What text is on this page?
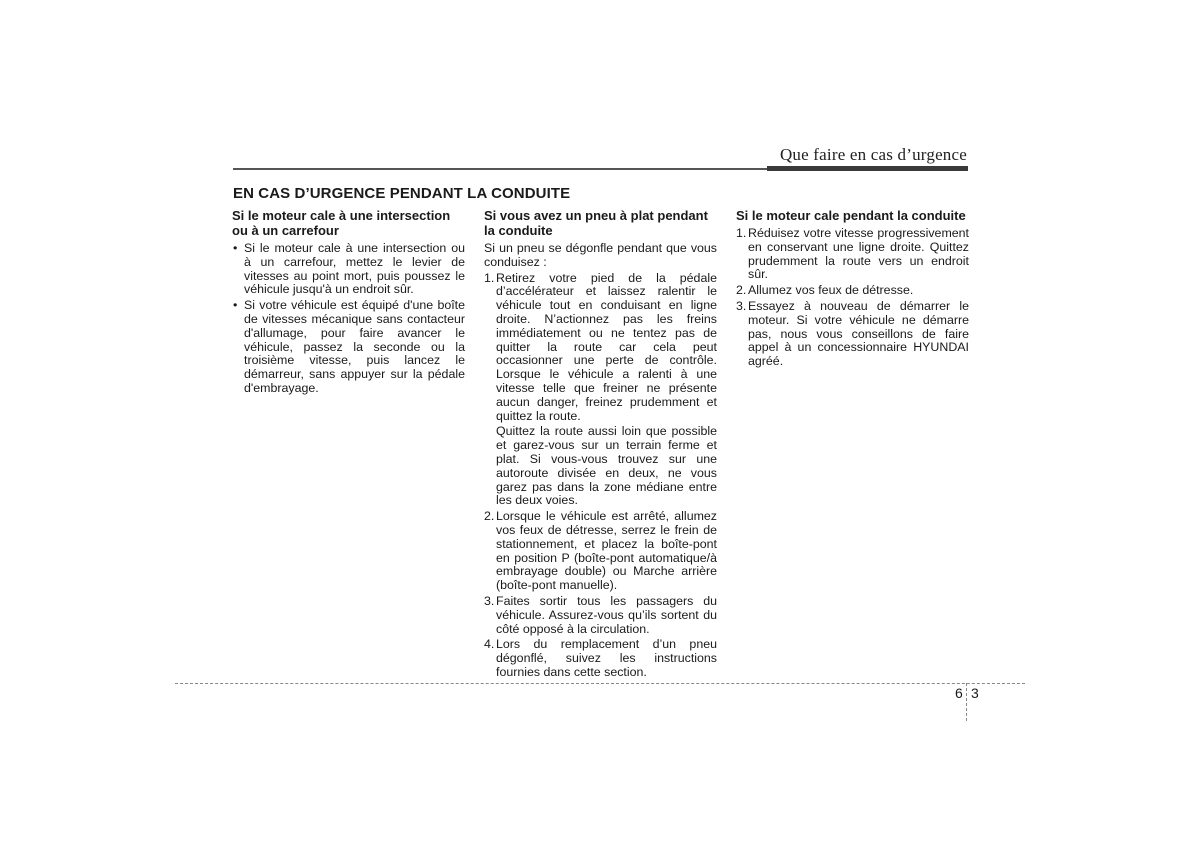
Que faire en cas d’urgence
EN CAS D’URGENCE PENDANT LA CONDUITE
Si le moteur cale à une intersection ou à un carrefour
• Si le moteur cale à une intersection ou à un carrefour, mettez le levier de vitesses au point mort, puis poussez le véhicule jusqu'à un endroit sûr.
• Si votre véhicule est équipé d'une boîte de vitesses mécanique sans contacteur d'allumage, pour faire avancer le véhicule, passez la seconde ou la troisième vitesse, puis lancez le démarreur, sans appuyer sur la pédale d'embrayage.
Si vous avez un pneu à plat pendant la conduite

Si un pneu se dégonfle pendant que vous conduisez :

1. Retirez votre pied de la pédale d’accélérateur et laissez ralentir le véhicule tout en conduisant en ligne droite. N’actionnez pas les freins immédiatement ou ne tentez pas de quitter la route car cela peut occasionner une perte de contrôle. Lorsque le véhicule a ralenti à une vitesse telle que freiner ne présente aucun danger, freinez prudemment et quittez la route.
Quittez la route aussi loin que possible et garez-vous sur un terrain ferme et plat. Si vous-vous trouvez sur une autoroute divisée en deux, ne vous garez pas dans la zone médiane entre les deux voies.
2. Lorsque le véhicule est arrêté, allumez vos feux de détresse, serrez le frein de stationnement, et placez la boîte-pont en position P (boîte-pont automatique/à embrayage double) ou Marche arrière (boîte-pont manuelle).
3. Faites sortir tous les passagers du véhicule. Assurez-vous qu’ils sortent du côté opposé à la circulation.
4. Lors du remplacement d’un pneu dégonflé, suivez les instructions fournies dans cette section.
Si le moteur cale pendant la conduite
1. Réduisez votre vitesse progressivement en conservant une ligne droite. Quittez prudemment la route vers un endroit sûr.
2. Allumez vos feux de détresse.
3. Essayez à nouveau de démarrer le moteur. Si votre véhicule ne démarre pas, nous vous conseillons de faire appel à un concessionnaire HYUNDAI agréé.
6 3
